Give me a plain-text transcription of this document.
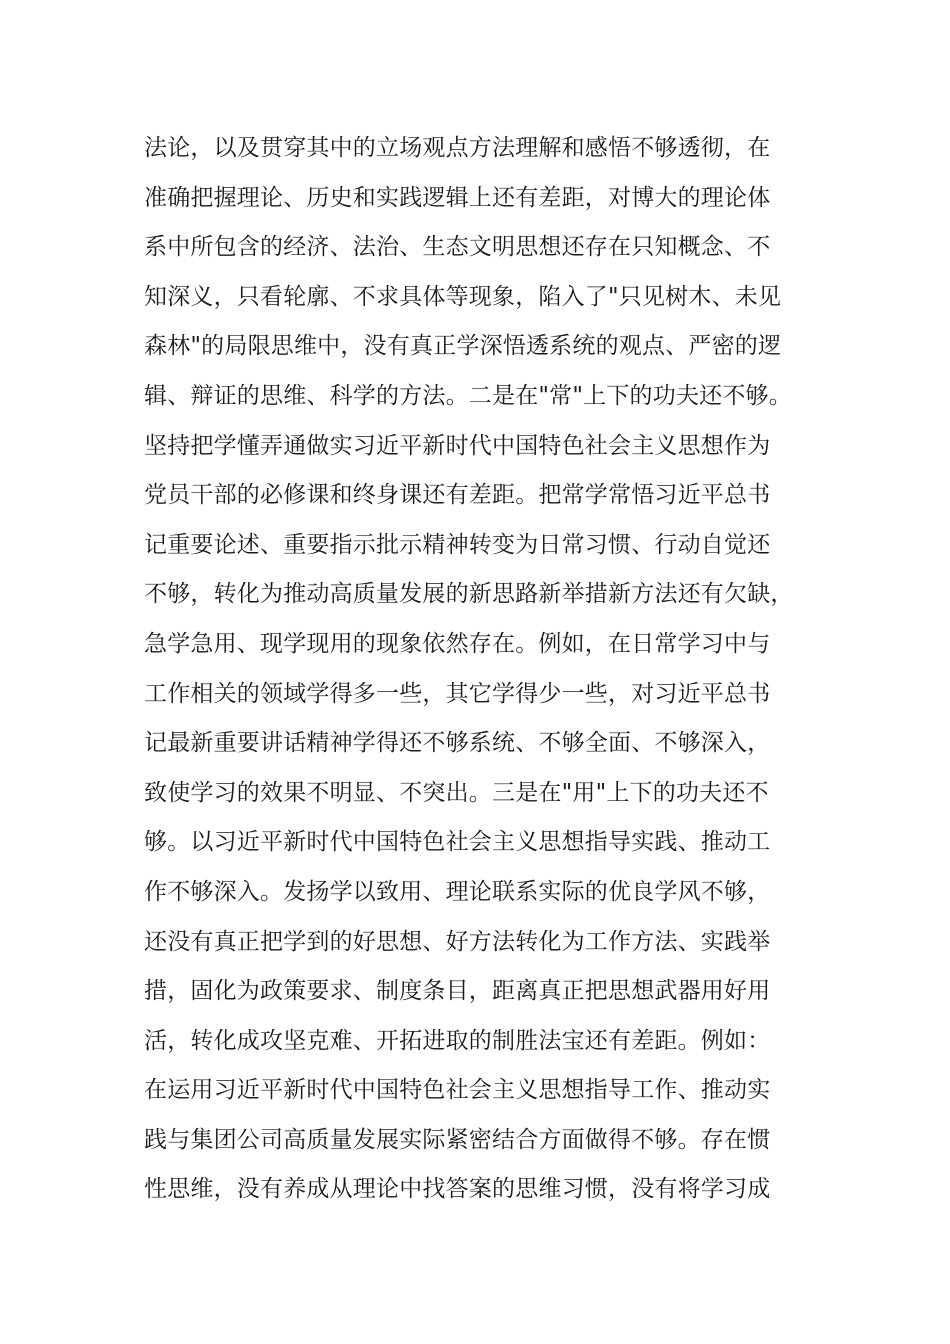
法论，以及贯穿其中的立场观点方法理解和感悟不够透彻，在
准确把握理论、历史和实践逻辑上还有差距，对博大的理论体
系中所包含的经济、法治、生态文明思想还存在只知概念、不
知深义，只看轮廓、不求具体等现象，陷入了"只见树木、未见
森林"的局限思维中，没有真正学深悟透系统的观点、严密的逻
辑、辩证的思维、科学的方法。二是在"常"上下的功夫还不够。
坚持把学懂弄通做实习近平新时代中国特色社会主义思想作为
党员干部的必修课和终身课还有差距。把常学常悟习近平总书
记重要论述、重要指示批示精神转变为日常习惯、行动自觉还
不够，转化为推动高质量发展的新思路新举措新方法还有欠缺，
急学急用、现学现用的现象依然存在。例如，在日常学习中与
工作相关的领域学得多一些，其它学得少一些，对习近平总书
记最新重要讲话精神学得还不够系统、不够全面、不够深入，
致使学习的效果不明显、不突出。三是在"用"上下的功夫还不
够。以习近平新时代中国特色社会主义思想指导实践、推动工
作不够深入。发扬学以致用、理论联系实际的优良学风不够，
还没有真正把学到的好思想、好方法转化为工作方法、实践举
措，固化为政策要求、制度条目，距离真正把思想武器用好用
活，转化成攻坚克难、开拓进取的制胜法宝还有差距。例如：
在运用习近平新时代中国特色社会主义思想指导工作、推动实
践与集团公司高质量发展实际紧密结合方面做得不够。存在惯
性思维，没有养成从理论中找答案的思维习惯，没有将学习成
